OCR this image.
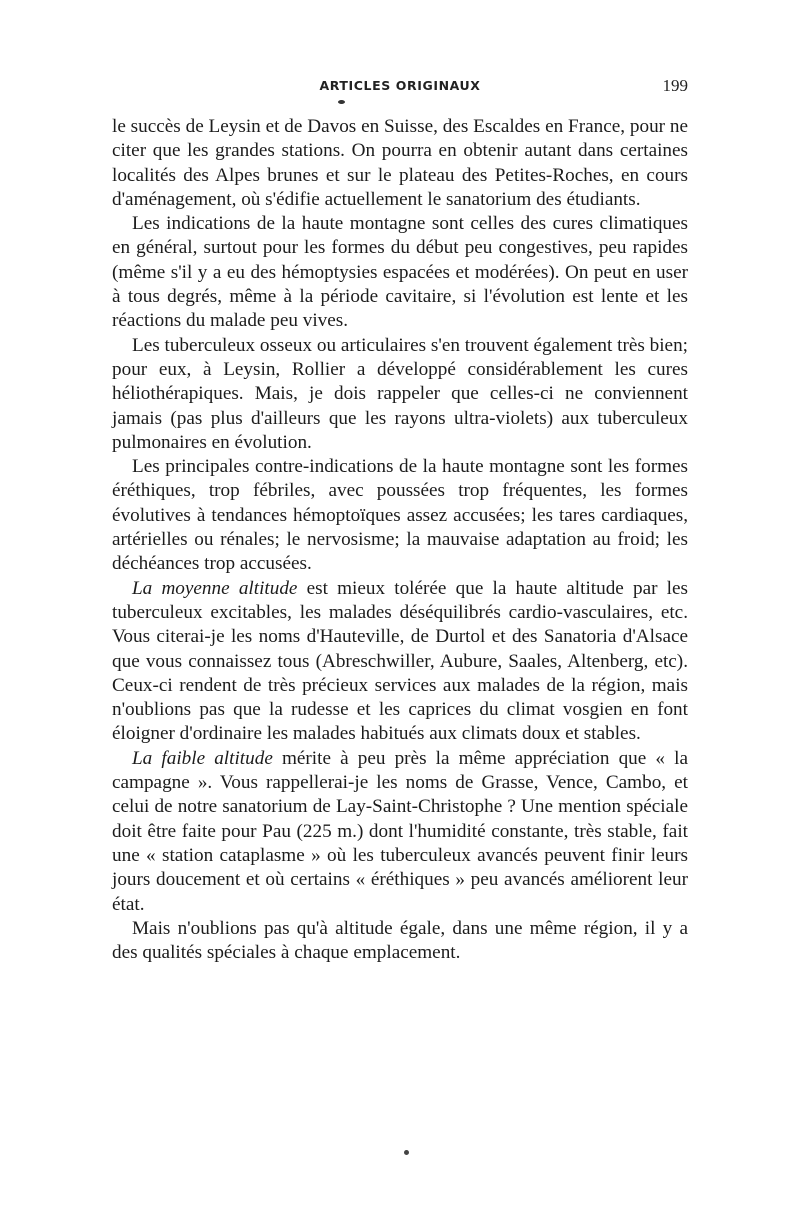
ARTICLES ORIGINAUX	199

le succès de Leysin et de Davos en Suisse, des Escaldes en France, pour ne citer que les grandes stations. On pourra en obtenir autant dans certaines localités des Alpes brunes et sur le plateau des Petites-Roches, en cours d'aménagement, où s'édifie actuellement le sanatorium des étudiants.

Les indications de la haute montagne sont celles des cures climatiques en général, surtout pour les formes du début peu congestives, peu rapides (même s'il y a eu des hémoptysies espacées et modérées). On peut en user à tous degrés, même à la période cavitaire, si l'évolution est lente et les réactions du malade peu vives.

Les tuberculeux osseux ou articulaires s'en trouvent également très bien; pour eux, à Leysin, Rollier a développé considérablement les cures héliothérapiques. Mais, je dois rappeler que celles-ci ne conviennent jamais (pas plus d'ailleurs que les rayons ultra-violets) aux tuberculeux pulmonaires en évolution.

Les principales contre-indications de la haute montagne sont les formes éréthiques, trop fébriles, avec poussées trop fréquentes, les formes évolutives à tendances hémoptoïques assez accusées; les tares cardiaques, artérielles ou rénales; le nervosisme; la mauvaise adaptation au froid; les déchéances trop accusées.

La moyenne altitude est mieux tolérée que la haute altitude par les tuberculeux excitables, les malades déséquilibrés cardio-vasculaires, etc. Vous citerai-je les noms d'Hauteville, de Durtol et des Sanatoria d'Alsace que vous connaissez tous (Abreschwiller, Aubure, Saales, Altenberg, etc). Ceux-ci rendent de très précieux services aux malades de la région, mais n'oublions pas que la rudesse et les caprices du climat vosgien en font éloigner d'ordinaire les malades habitués aux climats doux et stables.

La faible altitude mérite à peu près la même appréciation que « la campagne ». Vous rappellerai-je les noms de Grasse, Vence, Cambo, et celui de notre sanatorium de Lay-Saint-Christophe ? Une mention spéciale doit être faite pour Pau (225 m.) dont l'humidité constante, très stable, fait une « station cataplasme » où les tuberculeux avancés peuvent finir leurs jours doucement et où certains « éréthiques » peu avancés améliorent leur état.

Mais n'oublions pas qu'à altitude égale, dans une même région, il y a des qualités spéciales à chaque emplacement.
